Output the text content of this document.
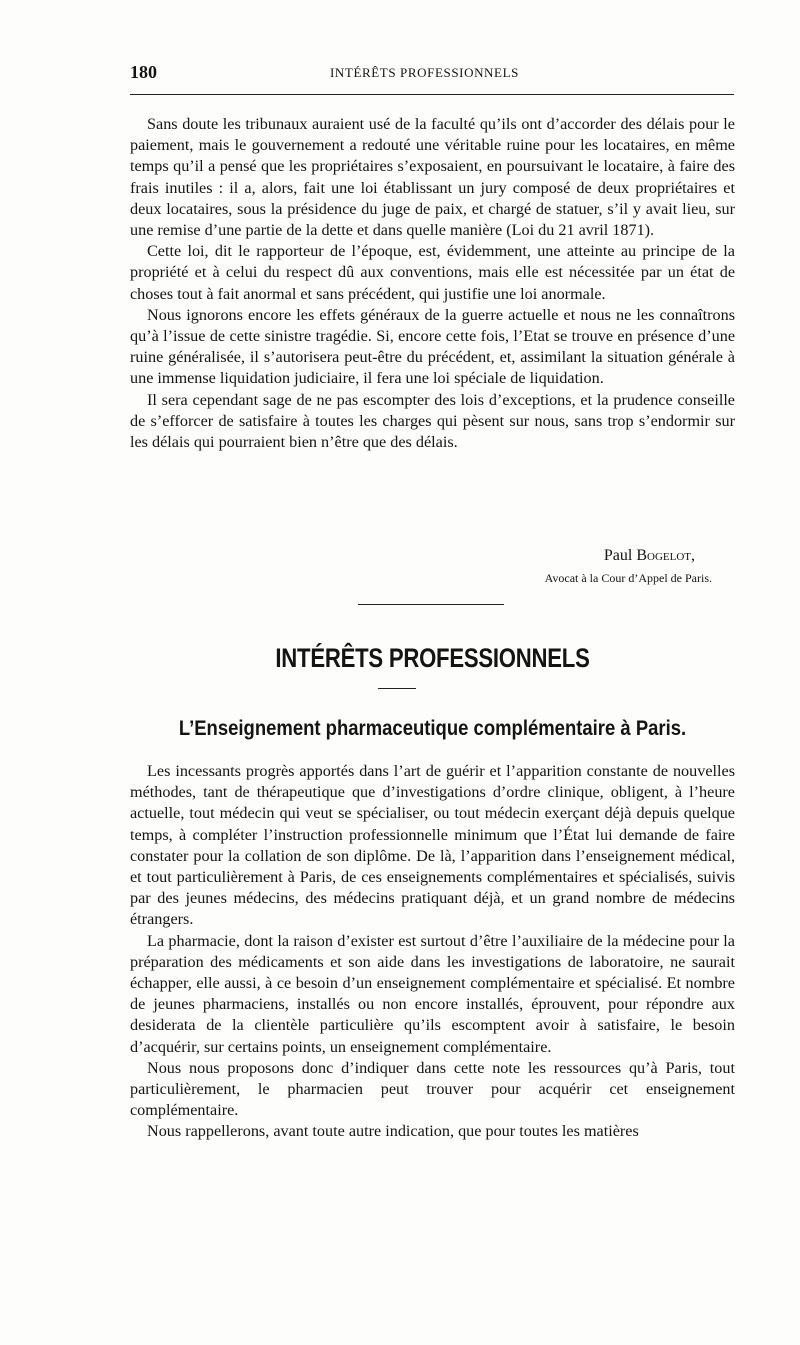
180	INTÉRÊTS PROFESSIONNELS

Sans doute les tribunaux auraient usé de la faculté qu’ils ont d’accorder des délais pour le paiement, mais le gouvernement a redouté une véritable ruine pour les locataires, en même temps qu’il a pensé que les propriétaires s’exposaient, en poursuivant le locataire, à faire des frais inutiles : il a, alors, fait une loi établissant un jury composé de deux propriétaires et deux locataires, sous la présidence du juge de paix, et chargé de statuer, s’il y avait lieu, sur une remise d’une partie de la dette et dans quelle manière (Loi du 21 avril 1871).

Cette loi, dit le rapporteur de l’époque, est, évidemment, une atteinte au principe de la propriété et à celui du respect dû aux conventions, mais elle est nécessitée par un état de choses tout à fait anormal et sans précédent, qui justifie une loi anormale.

Nous ignorons encore les effets généraux de la guerre actuelle et nous ne les connaîtrons qu’à l’issue de cette sinistre tragédie. Si, encore cette fois, l’Etat se trouve en présence d’une ruine généralisée, il s’autorisera peut-être du précédent, et, assimilant la situation générale à une immense liquidation judiciaire, il fera une loi spéciale de liquidation.

Il sera cependant sage de ne pas escompter des lois d’exceptions, et la prudence conseille de s’efforcer de satisfaire à toutes les charges qui pèsent sur nous, sans trop s’endormir sur les délais qui pourraient bien n’être que des délais.

Paul Bogelot,
Avocat à la Cour d’Appel de Paris.
INTÉRÊTS PROFESSIONNELS
L’Enseignement pharmaceutique complémentaire à Paris.

Les incessants progrès apportés dans l’art de guérir et l’apparition constante de nouvelles méthodes, tant de thérapeutique que d’investigations d’ordre clinique, obligent, à l’heure actuelle, tout médecin qui veut se spécialiser, ou tout médecin exerçant déjà depuis quelque temps, à compléter l’instruction professionnelle minimum que l’État lui demande de faire constater pour la collation de son diplôme. De là, l’apparition dans l’enseignement médical, et tout particulièrement à Paris, de ces enseignements complémentaires et spécialisés, suivis par des jeunes médecins, des médecins pratiquant déjà, et un grand nombre de médecins étrangers.

La pharmacie, dont la raison d’exister est surtout d’être l’auxiliaire de la médecine pour la préparation des médicaments et son aide dans les investigations de laboratoire, ne saurait échapper, elle aussi, à ce besoin d’un enseignement complémentaire et spécialisé. Et nombre de jeunes pharmaciens, installés ou non encore installés, éprouvent, pour répondre aux desiderata de la clientèle particulière qu’ils escomptent avoir à satisfaire, le besoin d’acquérir, sur certains points, un enseignement complémentaire.

Nous nous proposons donc d’indiquer dans cette note les ressources qu’à Paris, tout particulièrement, le pharmacien peut trouver pour acquérir cet enseignement complémentaire.

Nous rappellerons, avant toute autre indication, que pour toutes les matières
